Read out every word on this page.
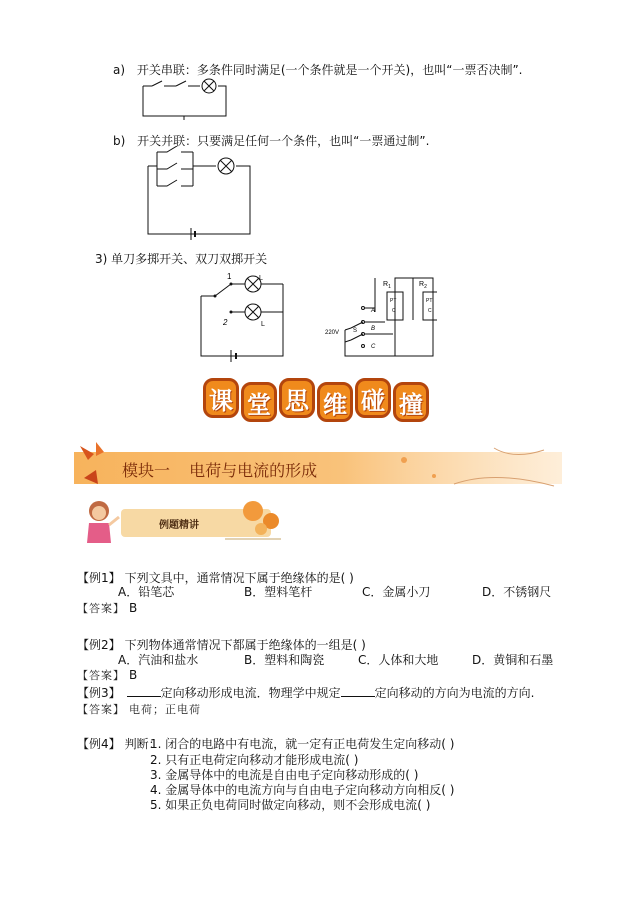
a) 开关串联：多条件同时满足(一个条件就是一个开关)，也叫“一票否决制”.
b) 开关并联：只要满足任何一个条件，也叫“一票通过制”.
3) 单刀多掷开关、双刀双掷开关
1
2
L
L
$R_1$	$R_2$
PT
C
PT
C
220V S
A
B
C
课 堂 思 维 碰 撞
模块一 电荷与电流的形成
例题精讲
【例1】 下列文具中，通常情况下属于绝缘体的是( )
A．铅笔芯	B．塑料笔杆	C．金属小刀	D．不锈钢尺
【答案】 B
【例2】 下列物体通常情况下都属于绝缘体的一组是( )
A．汽油和盐水	B．塑料和陶瓷	C．人体和大地	D．黄铜和石墨
【答案】 B
【例3】	定向移动形成电流．物理学中规定	定向移动的方向为电流的方向.
【答案】 电荷；正电荷
【例4】 判断：
1. 闭合的电路中有电流，就一定有正电荷发生定向移动( )
2. 只有正电荷定向移动才能形成电流( )
3. 金属导体中的电流是自由电子定向移动形成的( )
4. 金属导体中的电流方向与自由电子定向移动方向相反( )
5. 如果正负电荷同时做定向移动，则不会形成电流( )
